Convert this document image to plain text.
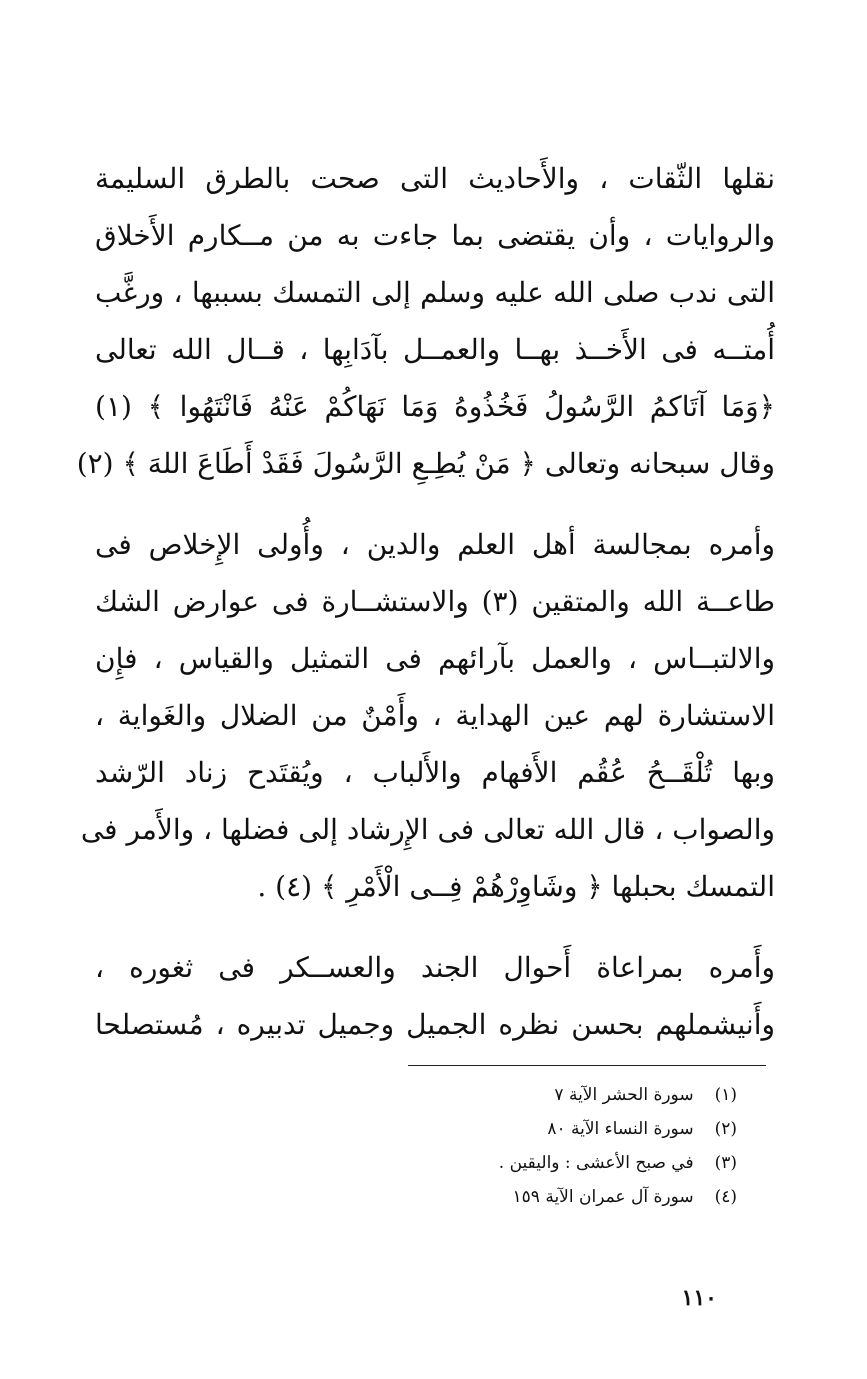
نقلها الثّقات ، والأَحاديث التى صحت بالطرق السليمة
والروايات ، وأن يقتضى بما جاءت به من مــكارم الأَخلاق
التى ندب صلى الله عليه وسلم إلى التمسك بسببها ، ورغَّب
أُمتــه فى الأَخــذ بهــا والعمــل بآدَابِها ، قــال الله تعالى
﴿وَمَا آتَاكمُ الرَّسُولُ فَخُذُوهُ وَمَا نَهَاكُمْ عَنْهُ فَانْتَهُوا ﴾ (١)
وقال سبحانه وتعالى ﴿ مَنْ يُطِـعِ الرَّسُولَ فَقَدْ أَطَاعَ اللهَ ﴾ (٢)
وأمره بمجالسة أهل العلم والدين ، وأُولى الإِخلاص فى
طاعــة الله والمتقين (٣) والاستشــارة فى عوارض الشك
والالتبــاس ، والعمل بآرائهم فى التمثيل والقياس ، فإِن
الاستشارة لهم عين الهداية ، وأَمْنٌ من الضلال والغَواية ،
وبها تُلْقَــحُ عُقُم الأَفهام والأَلباب ، ويُقتَدح زناد الرّشد
والصواب ، قال الله تعالى فى الإِرشاد إلى فضلها ، والأَمر فى
التمسك بحبلها ﴿ وشَاوِرْهُمْ فِــى الْأَمْرِ ﴾ (٤) .
وأَمره بمراعاة أَحوال الجند والعســكر فى ثغوره ،
وأَنيشملهم بحسن نظره الجميل وجميل تدبيره ، مُستصلحا
(١) سورة الحشر الآية ٧
(٢) سورة النساء الآية ٨٠
(٣) في صبح الأعشى : واليقين .
(٤) سورة آل عمران الآية ١٥٩
١١٠
